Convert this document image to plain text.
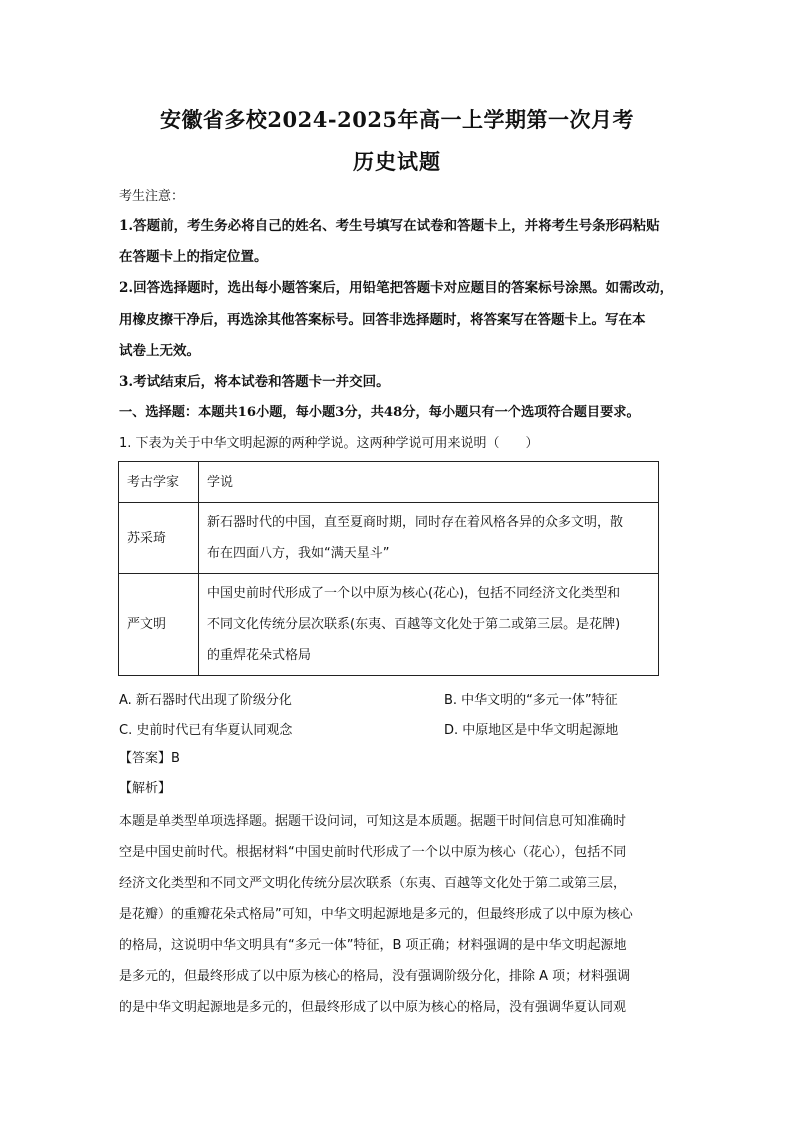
安徽省多校2024-2025年高一上学期第一次月考
历史试题
考生注意：
1.答题前，考生务必将自己的姓名、考生号填写在试卷和答题卡上，并将考生号条形码粘贴
在答题卡上的指定位置。
2.回答选择题时，选出每小题答案后，用铅笔把答题卡对应题目的答案标号涂黑。如需改动，
用橡皮擦干净后，再选涂其他答案标号。回答非选择题时，将答案写在答题卡上。写在本
试卷上无效。
3.考试结束后，将本试卷和答题卡一并交回。
一、选择题：本题共16小题，每小题3分，共48分，每小题只有一个选项符合题目要求。
1. 下表为关于中华文明起源的两种学说。这两种学说可用来说明（　　）
考古学家	学说
苏采琦	新石器时代的中国，直至夏商时期，同时存在着风格各异的众多文明，散
布在四面八方，我如“满天星斗”

严文明	中国史前时代形成了一个以中原为核心(花心)，包括不同经济文化类型和
不同文化传统分层次联系(东夷、百越等文化处于第二或第三层。是花牌)
的重焊花朵式格局
A. 新石器时代出现了阶级分化	B. 中华文明的“多元一体”特征
C. 史前时代已有华夏认同观念	D. 中原地区是中华文明起源地
【答案】B
【解析】
本题是单类型单项选择题。据题干设问词，可知这是本质题。据题干时间信息可知准确时
空是中国史前时代。根据材料“中国史前时代形成了一个以中原为核心（花心），包括不同
经济文化类型和不同文严文明化传统分层次联系（东夷、百越等文化处于第二或第三层，
是花瓣）的重瓣花朵式格局”可知，中华文明起源地是多元的，但最终形成了以中原为核心
的格局，这说明中华文明具有“多元一体”特征，B 项正确；材料强调的是中华文明起源地
是多元的，但最终形成了以中原为核心的格局，没有强调阶级分化，排除 A 项；材料强调
的是中华文明起源地是多元的，但最终形成了以中原为核心的格局，没有强调华夏认同观
